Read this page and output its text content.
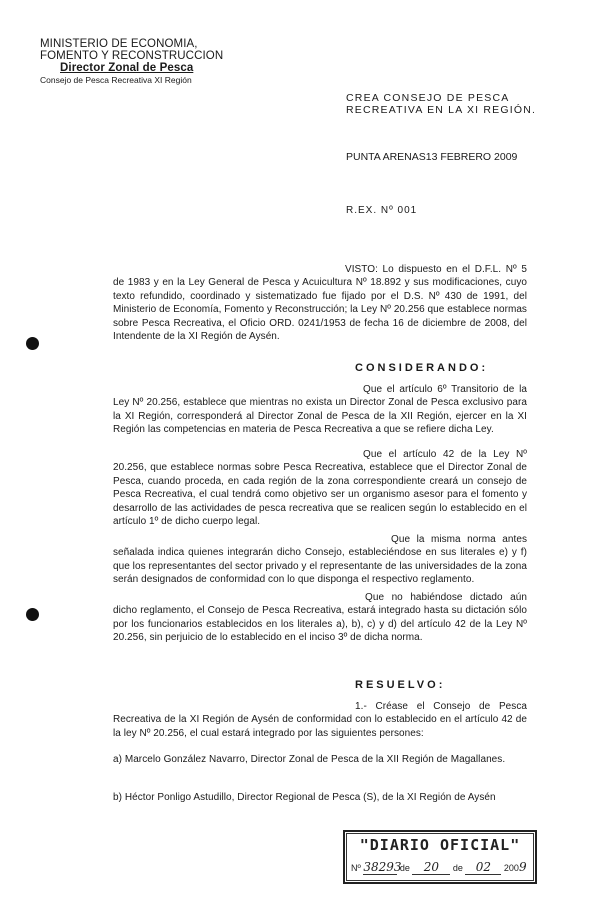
MINISTERIO DE ECONOMIA,
FOMENTO Y RECONSTRUCCION
Director Zonal de Pesca
Consejo de Pesca Recreativa XI Región
CREA CONSEJO DE PESCA
RECREATIVA EN LA XI REGIÓN.
PUNTA ARENAS13 FEBRERO 2009
R.EX. Nº 001
VISTO: Lo dispuesto en el D.F.L. Nº 5 de 1983 y en la Ley General de Pesca y Acuicultura Nº 18.892 y sus modificaciones, cuyo texto refundido, coordinado y sistematizado fue fijado por el D.S. Nº 430 de 1991, del Ministerio de Economía, Fomento y Reconstrucción; la Ley Nº 20.256 que establece normas sobre Pesca Recreativa, el Oficio ORD. 0241/1953 de fecha 16 de diciembre de 2008, del Intendente de la XI Región de Aysén.
CONSIDERANDO:
Que el artículo 6º Transitorio de la Ley Nº 20.256, establece que mientras no exista un Director Zonal de Pesca exclusivo para la XI Región, corresponderá al Director Zonal de Pesca de la XII Región, ejercer en la XI Región las competencias en materia de Pesca Recreativa a que se refiere dicha Ley.
Que el artículo 42 de la Ley Nº 20.256, que establece normas sobre Pesca Recreativa, establece que el Director Zonal de Pesca, cuando proceda, en cada región de la zona correspondiente creará un consejo de Pesca Recreativa, el cual tendrá como objetivo ser un organismo asesor para el fomento y desarrollo de las actividades de pesca recreativa que se realicen según lo establecido en el artículo 1º de dicho cuerpo legal.
Que la misma norma antes señalada indica quienes integrarán dicho Consejo, estableciéndose en sus literales e) y f) que los representantes del sector privado y el representante de las universidades de la zona serán designados de conformidad con lo que disponga el respectivo reglamento.
Que no habiéndose dictado aún dicho reglamento, el Consejo de Pesca Recreativa, estará integrado hasta su dictación sólo por los funcionarios establecidos en los literales a), b), c) y d) del artículo 42 de la Ley Nº 20.256, sin perjuicio de lo establecido en el inciso 3º de dicha norma.
RESUELVO:
1.- Créase el Consejo de Pesca Recreativa de la XI Región de Aysén de conformidad con lo establecido en el artículo 42 de la ley Nº 20.256, el cual estará integrado por las siguientes persones:
a) Marcelo González Navarro, Director Zonal de Pesca de la XII Región de Magallanes.
b) Héctor Ponligo Astudillo, Director Regional de Pesca (S), de la XI Región de Aysén
"DIARIO OFICIAL"
Nº 38293 de 20 de 02 2009
